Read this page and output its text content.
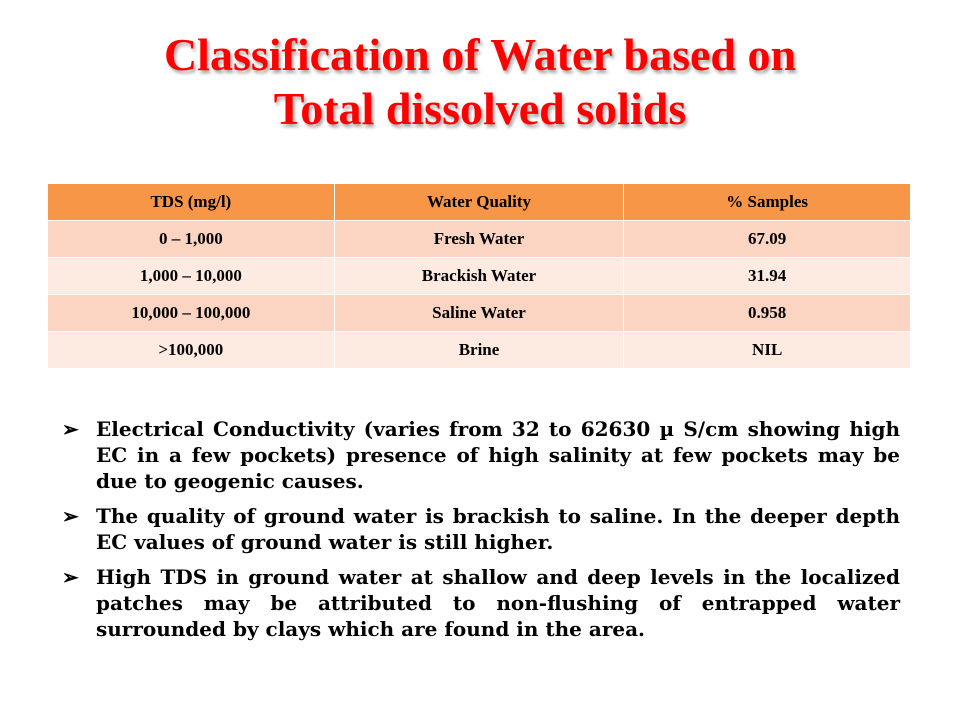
Classification of Water based on
Total dissolved solids
TDS (mg/l)	Water Quality	% Samples
0 – 1,000	Fresh Water	67.09
1,000 – 10,000	Brackish Water	31.94
10,000 – 100,000	Saline Water	0.958
>100,000	Brine	NIL
➢ Electrical Conductivity (varies from 32 to 62630 µ S/cm showing high EC in a few pockets) presence of high salinity at few pockets may be due to geogenic causes.
➢ The quality of ground water is brackish to saline. In the deeper depth EC values of ground water is still higher.
➢ High TDS in ground water at shallow and deep levels in the localized patches may be attributed to non-flushing of entrapped water surrounded by clays which are found in the area.
